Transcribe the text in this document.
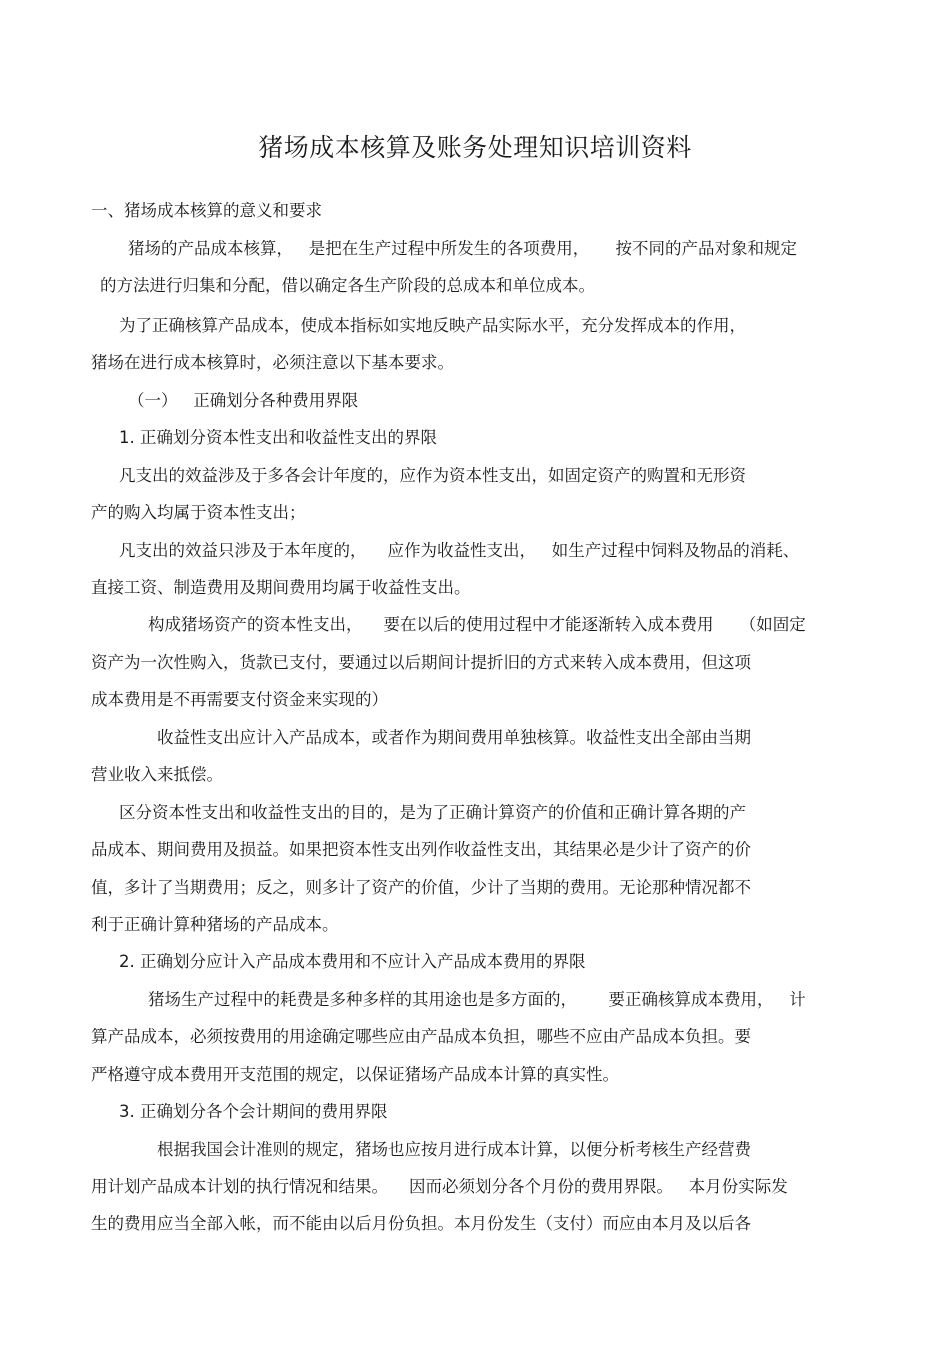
猪场成本核算及账务处理知识培训资料
一、猪场成本核算的意义和要求
猪场的产品成本核算，   是把在生产过程中所发生的各项费用，     按不同的产品对象和规定
的方法进行归集和分配，借以确定各生产阶段的总成本和单位成本。
为了正确核算产品成本，使成本指标如实地反映产品实际水平，充分发挥成本的作用，
猪场在进行成本核算时，必须注意以下基本要求。
（一）   正确划分各种费用界限
1. 正确划分资本性支出和收益性支出的界限
凡支出的效益涉及于多各会计年度的，应作为资本性支出，如固定资产的购置和无形资
产的购入均属于资本性支出；
凡支出的效益只涉及于本年度的，    应作为收益性支出，   如生产过程中饲料及物品的消耗、
直接工资、制造费用及期间费用均属于收益性支出。
构成猪场资产的资本性支出，    要在以后的使用过程中才能逐渐转入成本费用     （如固定
资产为一次性购入，货款已支付，要通过以后期间计提折旧的方式来转入成本费用，但这项
成本费用是不再需要支付资金来实现的）
收益性支出应计入产品成本，或者作为期间费用单独核算。收益性支出全部由当期
营业收入来抵偿。
区分资本性支出和收益性支出的目的，是为了正确计算资产的价值和正确计算各期的产
品成本、期间费用及损益。如果把资本性支出列作收益性支出，其结果必是少计了资产的价
值，多计了当期费用；反之，则多计了资产的价值，少计了当期的费用。无论那种情况都不
利于正确计算种猪场的产品成本。
2. 正确划分应计入产品成本费用和不应计入产品成本费用的界限
猪场生产过程中的耗费是多种多样的其用途也是多方面的，      要正确核算成本费用，   计
算产品成本，必须按费用的用途确定哪些应由产品成本负担，哪些不应由产品成本负担。要
严格遵守成本费用开支范围的规定，以保证猪场产品成本计算的真实性。
3. 正确划分各个会计期间的费用界限
根据我国会计准则的规定，猪场也应按月进行成本计算，以便分析考核生产经营费
用计划产品成本计划的执行情况和结果。    因而必须划分各个月份的费用界限。   本月份实际发
生的费用应当全部入帐，而不能由以后月份负担。本月份发生（支付）而应由本月及以后各
